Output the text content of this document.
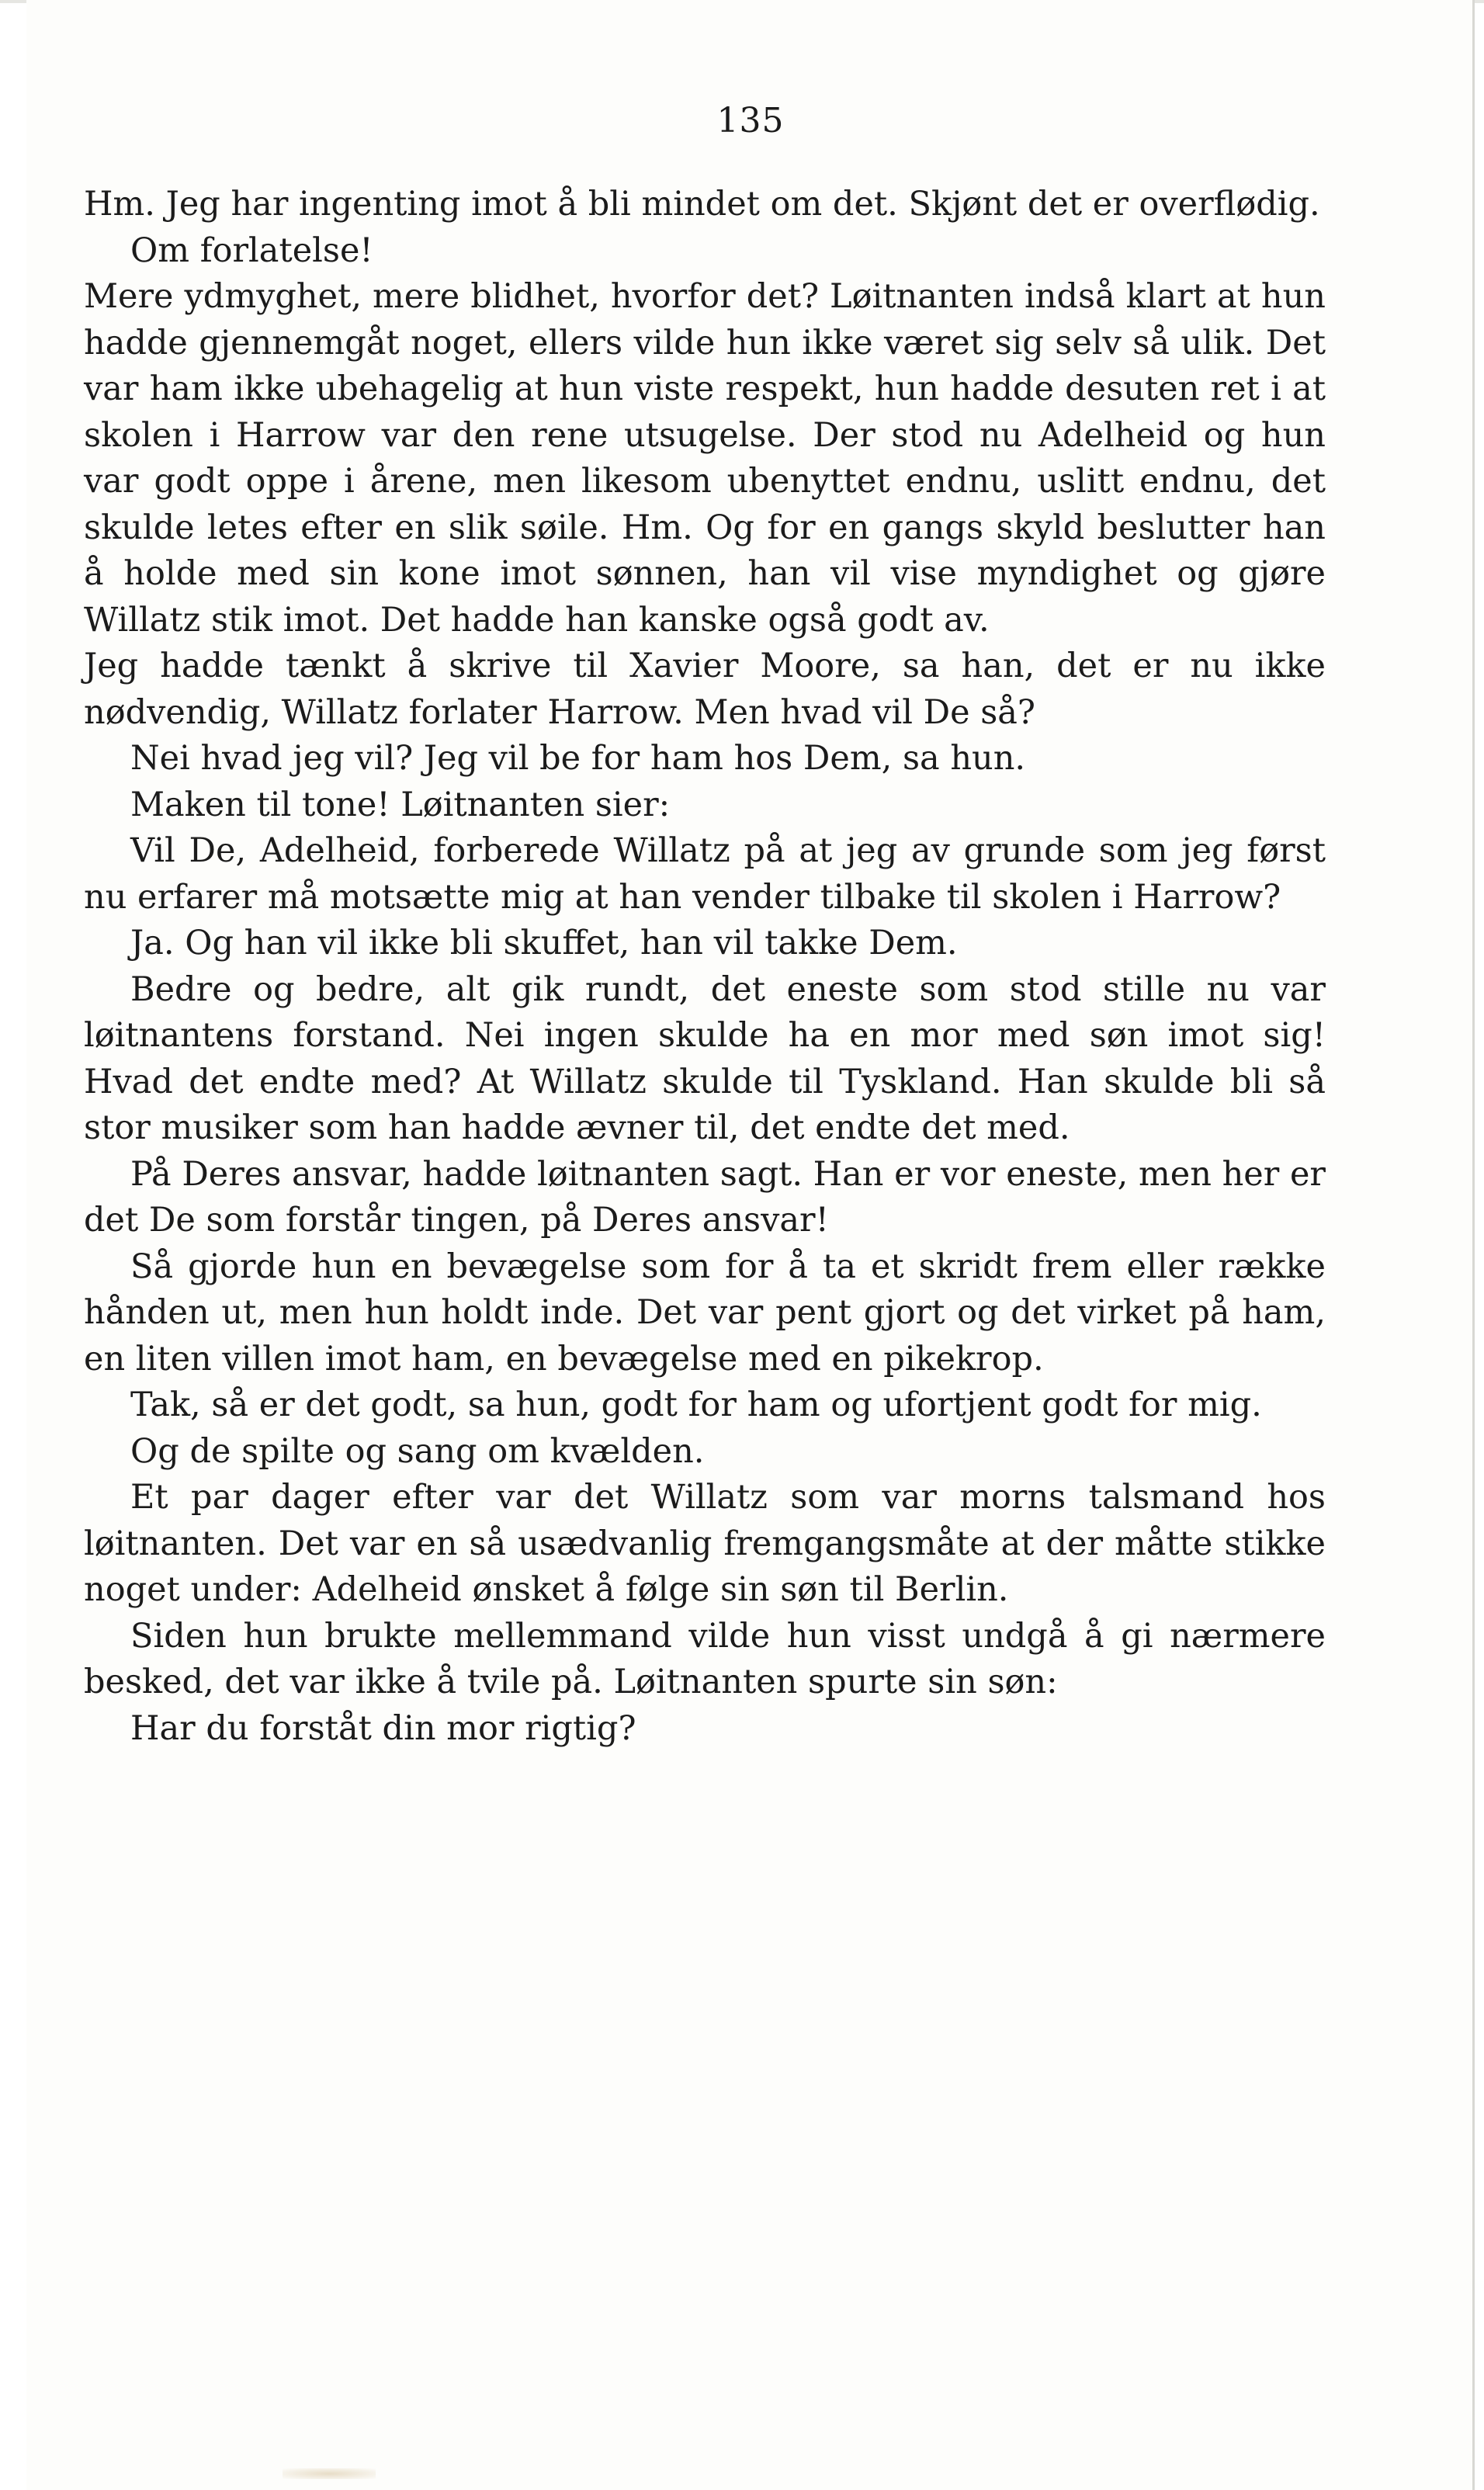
135

Hm. Jeg har ingenting imot å bli mindet om det. Skjønt det er overflødig.

Om forlatelse!

Mere ydmyghet, mere blidhet, hvorfor det? Løitnanten indså klart at hun hadde gjennemgåt noget, ellers vilde hun ikke været sig selv så ulik. Det var ham ikke ubehagelig at hun viste respekt, hun hadde desuten ret i at skolen i Harrow var den rene utsugelse. Der stod nu Adelheid og hun var godt oppe i årene, men likesom ubenyttet endnu, uslitt endnu, det skulde letes efter en slik søile. Hm. Og for en gangs skyld beslutter han å holde med sin kone imot sønnen, han vil vise myndighet og gjøre Willatz stik imot. Det hadde han kanske også godt av.

Jeg hadde tænkt å skrive til Xavier Moore, sa han, det er nu ikke nødvendig, Willatz forlater Harrow. Men hvad vil De så?

Nei hvad jeg vil? Jeg vil be for ham hos Dem, sa hun.

Maken til tone! Løitnanten sier:

Vil De, Adelheid, forberede Willatz på at jeg av grunde som jeg først nu erfarer må motsætte mig at han vender tilbake til skolen i Harrow?

Ja. Og han vil ikke bli skuffet, han vil takke Dem.

Bedre og bedre, alt gik rundt, det eneste som stod stille nu var løitnantens forstand. Nei ingen skulde ha en mor med søn imot sig! Hvad det endte med? At Willatz skulde til Tyskland. Han skulde bli så stor musiker som han hadde ævner til, det endte det med.

På Deres ansvar, hadde løitnanten sagt. Han er vor eneste, men her er det De som forstår tingen, på Deres ansvar!

Så gjorde hun en bevægelse som for å ta et skridt frem eller række hånden ut, men hun holdt inde. Det var pent gjort og det virket på ham, en liten villen imot ham, en bevægelse med en pikekrop.

Tak, så er det godt, sa hun, godt for ham og ufortjent godt for mig.

Og de spilte og sang om kvælden.

Et par dager efter var det Willatz som var morns talsmand hos løitnanten. Det var en så usædvanlig fremgangsmåte at der måtte stikke noget under: Adelheid ønsket å følge sin søn til Berlin.

Siden hun brukte mellemmand vilde hun visst undgå å gi nærmere besked, det var ikke å tvile på. Løitnanten spurte sin søn:

Har du forståt din mor rigtig?
